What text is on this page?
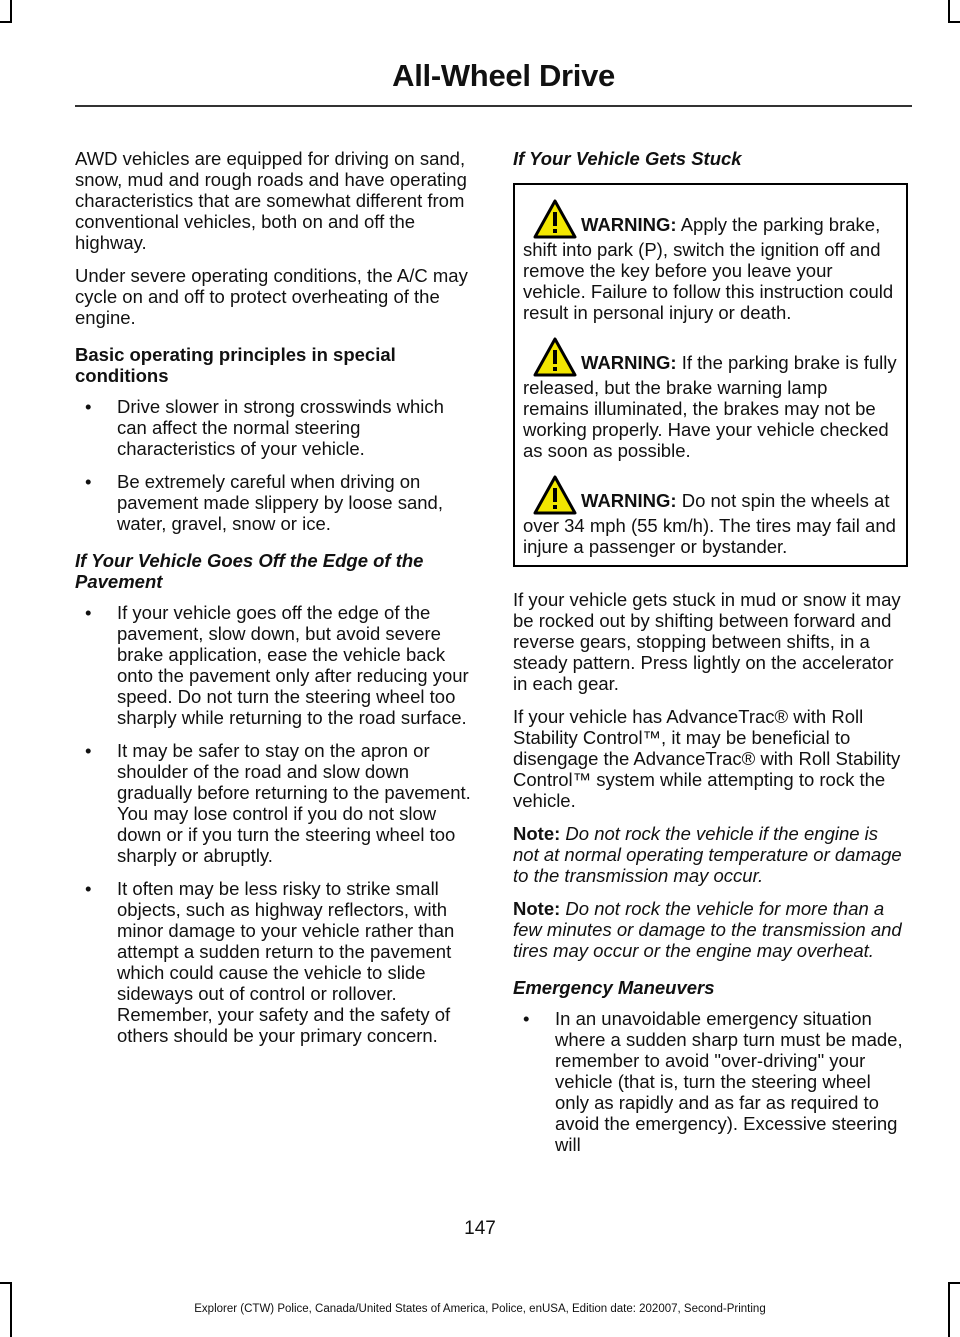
All-Wheel Drive

AWD vehicles are equipped for driving on sand, snow, mud and rough roads and have operating characteristics that are somewhat different from conventional vehicles, both on and off the highway.

Under severe operating conditions, the A/C may cycle on and off to protect overheating of the engine.

Basic operating principles in special conditions
• Drive slower in strong crosswinds which can affect the normal steering characteristics of your vehicle.
• Be extremely careful when driving on pavement made slippery by loose sand, water, gravel, snow or ice.
If Your Vehicle Goes Off the Edge of the Pavement
• If your vehicle goes off the edge of the pavement, slow down, but avoid severe brake application, ease the vehicle back onto the pavement only after reducing your speed. Do not turn the steering wheel too sharply while returning to the road surface.
• It may be safer to stay on the apron or shoulder of the road and slow down gradually before returning to the pavement. You may lose control if you do not slow down or if you turn the steering wheel too sharply or abruptly.
• It often may be less risky to strike small objects, such as highway reflectors, with minor damage to your vehicle rather than attempt a sudden return to the pavement which could cause the vehicle to slide sideways out of control or rollover. Remember, your safety and the safety of others should be your primary concern.
If Your Vehicle Gets Stuck
WARNING: Apply the parking brake, shift into park (P), switch the ignition off and remove the key before you leave your vehicle. Failure to follow this instruction could result in personal injury or death.
WARNING: If the parking brake is fully released, but the brake warning lamp remains illuminated, the brakes may not be working properly. Have your vehicle checked as soon as possible.
WARNING: Do not spin the wheels at over 34 mph (55 km/h). The tires may fail and injure a passenger or bystander.

If your vehicle gets stuck in mud or snow it may be rocked out by shifting between forward and reverse gears, stopping between shifts, in a steady pattern. Press lightly on the accelerator in each gear.

If your vehicle has AdvanceTrac® with Roll Stability Control™, it may be beneficial to disengage the AdvanceTrac® with Roll Stability Control™ system while attempting to rock the vehicle.

Note: Do not rock the vehicle if the engine is not at normal operating temperature or damage to the transmission may occur.

Note: Do not rock the vehicle for more than a few minutes or damage to the transmission and tires may occur or the engine may overheat.

Emergency Maneuvers
• In an unavoidable emergency situation where a sudden sharp turn must be made, remember to avoid "over-driving" your vehicle (that is, turn the steering wheel only as rapidly and as far as required to avoid the emergency). Excessive steering will
147
Explorer (CTW) Police, Canada/United States of America, Police, enUSA, Edition date: 202007, Second-Printing
